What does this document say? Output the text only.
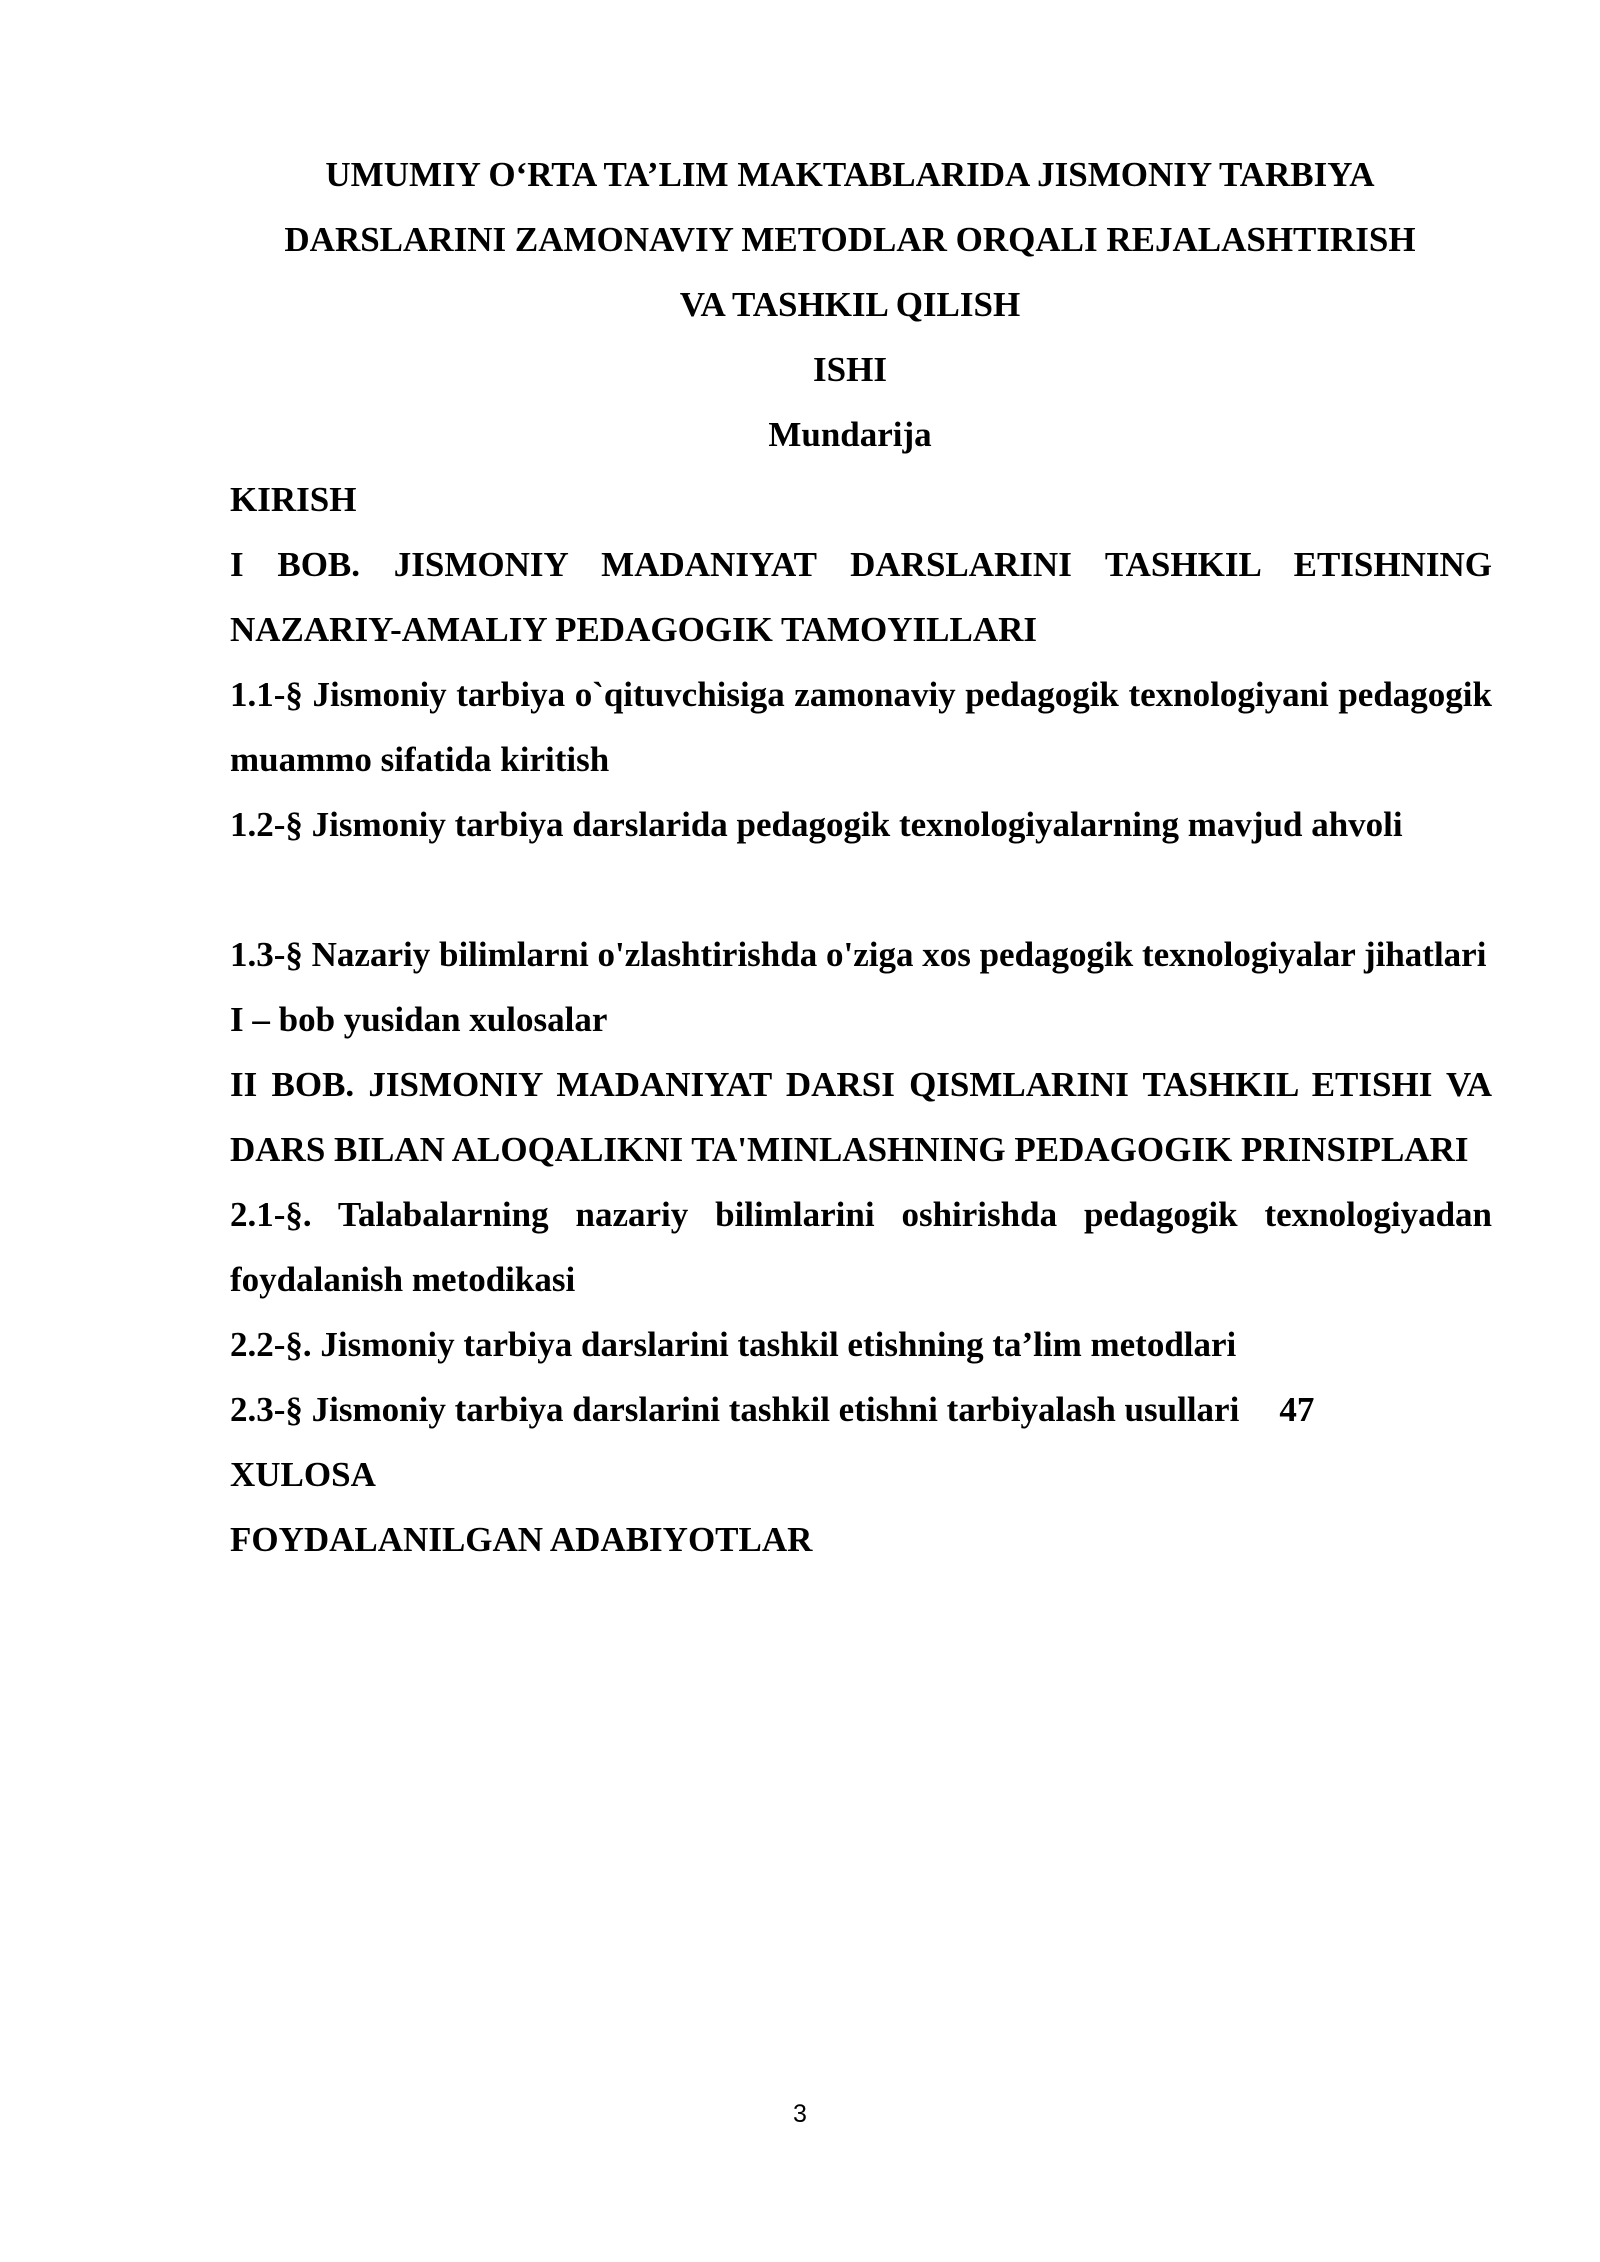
UMUMIY O‘RTA TA’LIM MAKTABLARIDA JISMONIY TARBIYA
DARSLARINI ZAMONAVIY METODLAR ORQALI REJALASHTIRISH
VA TASHKIL QILISH
ISHI
Mundarija

KIRISH

I BOB. JISMONIY MADANIYAT DARSLARINI TASHKIL ETISHNING NAZARIY-AMALIY PEDAGOGIK TAMOYILLARI

1.1-§ Jismoniy tarbiya o`qituvchisiga zamonaviy pedagogik texnologiyani pedagogik muammo sifatida kiritish

1.2-§ Jismoniy tarbiya darslarida pedagogik texnologiyalarning mavjud ahvoli

1.3-§ Nazariy bilimlarni o'zlashtirishda o'ziga xos pedagogik texnologiyalar jihatlari

I – bob yusidan xulosalar

II BOB. JISMONIY MADANIYAT DARSI QISMLARINI TASHKIL ETISHI VA DARS BILAN ALOQALIKNI TA'MINLASHNING PEDAGOGIK PRINSIPLARI

2.1-§. Talabalarning nazariy bilimlarini oshirishda pedagogik texnologiyadan foydalanish metodikasi

2.2-§. Jismoniy tarbiya darslarini tashkil etishning ta’lim metodlari

2.3-§ Jismoniy tarbiya darslarini tashkil etishni tarbiyalash usullari 47

XULOSA

FOYDALANILGAN ADABIYOTLAR

3
